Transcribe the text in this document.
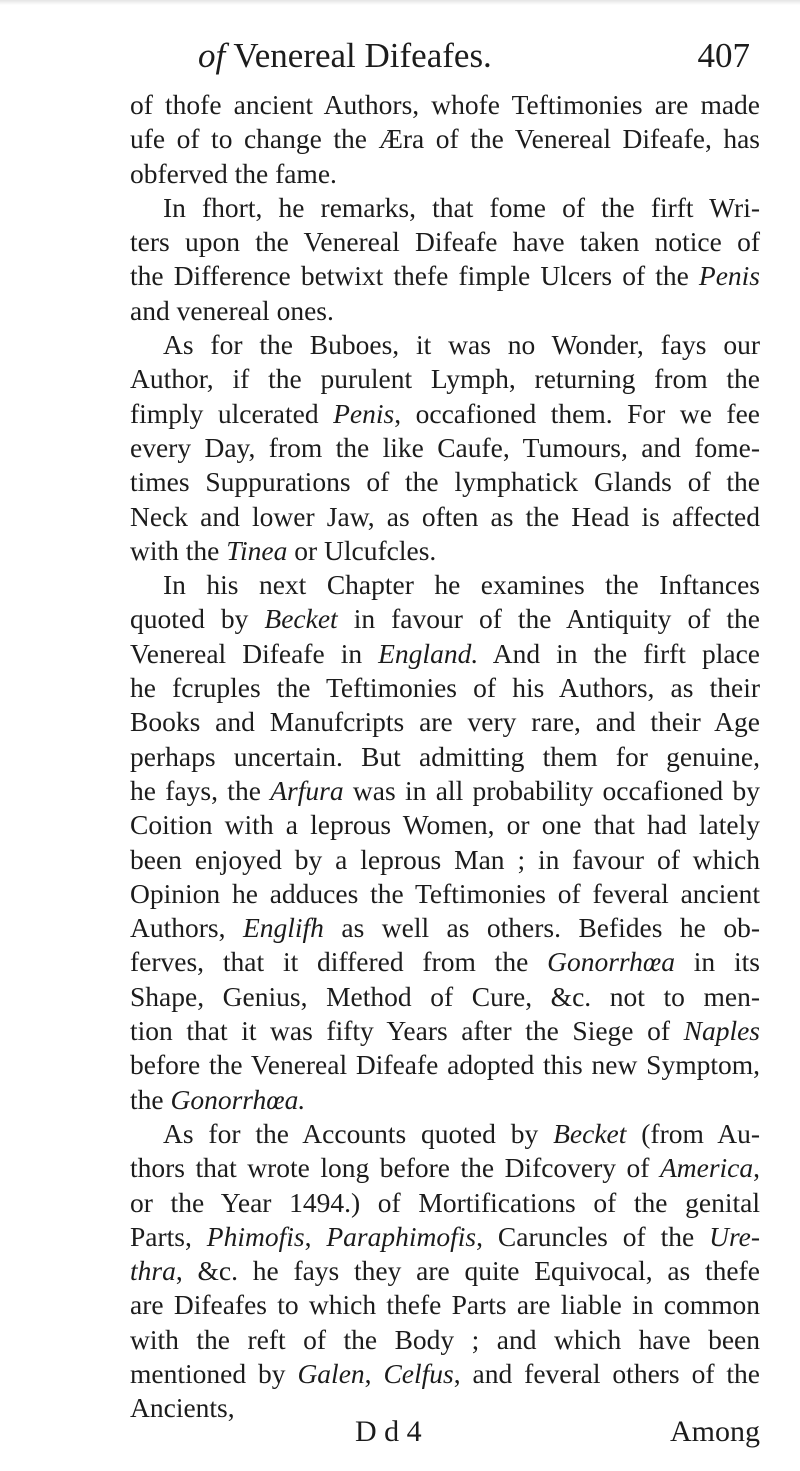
of Venereal Difeafes.	407
of thofe ancient Authors, whofe Teftimonies are made
ufe of to change the Æra of the Venereal Difeafe, has
obferved the fame.
In fhort, he remarks, that fome of the firft Wri-
ters upon the Venereal Difeafe have taken notice of
the Difference betwixt thefe fimple Ulcers of the Penis
and venereal ones.
As for the Buboes, it was no Wonder, fays our
Author, if the purulent Lymph, returning from the
fimply ulcerated Penis, occafioned them. For we fee
every Day, from the like Caufe, Tumours, and fome-
times Suppurations of the lymphatick Glands of the
Neck and lower Jaw, as often as the Head is affected
with the Tinea or Ulcufcles.
In his next Chapter he examines the Inftances
quoted by Becket in favour of the Antiquity of the
Venereal Difeafe in England. And in the firft place
he fcruples the Teftimonies of his Authors, as their
Books and Manufcripts are very rare, and their Age
perhaps uncertain. But admitting them for genuine,
he fays, the Arfura was in all probability occafioned by
Coition with a leprous Women, or one that had lately
been enjoyed by a leprous Man ; in favour of which
Opinion he adduces the Teftimonies of feveral ancient
Authors, Englifh as well as others. Befides he ob-
ferves, that it differed from the Gonorrhœa in its
Shape, Genius, Method of Cure, &c. not to men-
tion that it was fifty Years after the Siege of Naples
before the Venereal Difeafe adopted this new Symptom,
the Gonorrhœa.
As for the Accounts quoted by Becket (from Au-
thors that wrote long before the Difcovery of America,
or the Year 1494.) of Mortifications of the genital
Parts, Phimofis, Paraphimofis, Caruncles of the Ure-
thra, &c. he fays they are quite Equivocal, as thefe
are Difeafes to which thefe Parts are liable in common
with the reft of the Body ; and which have been
mentioned by Galen, Celfus, and feveral others of the
Ancients,
D d 4	Among
